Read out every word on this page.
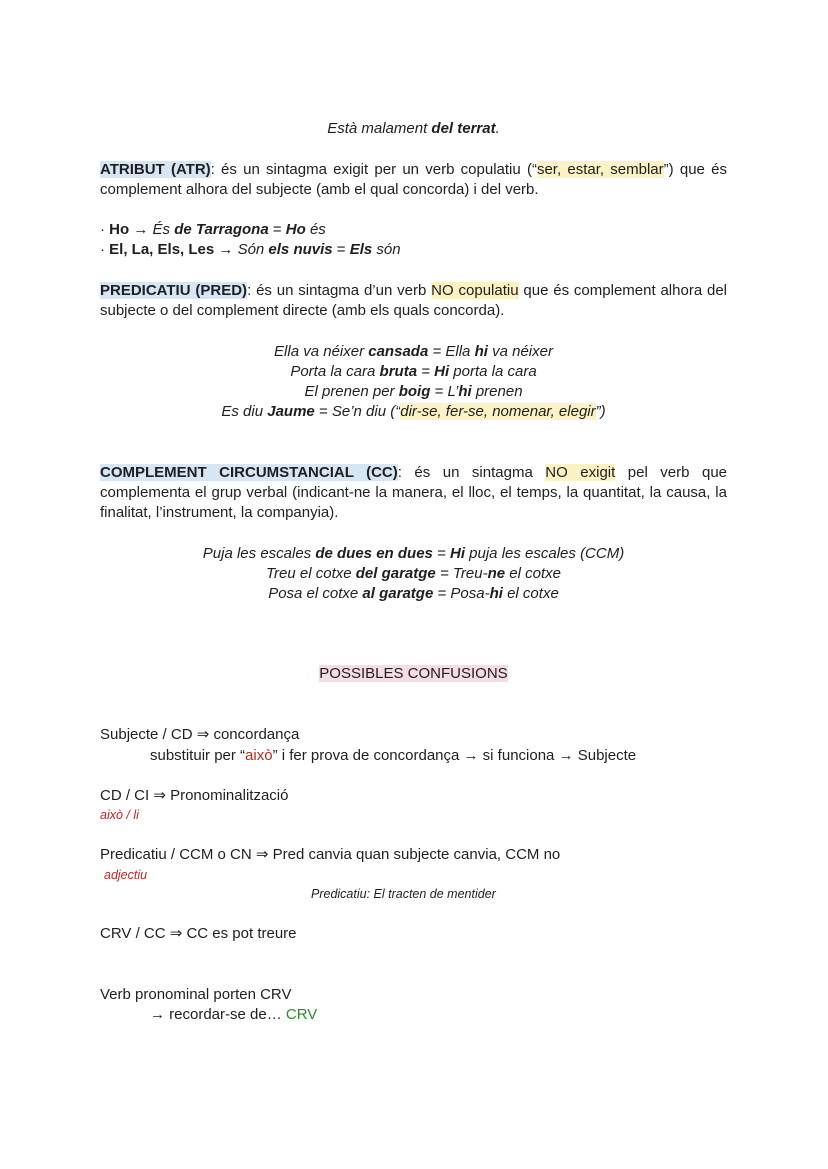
Està malament del terrat.
ATRIBUT (ATR): és un sintagma exigit per un verb copulatiu (“ser, estar, semblar”) que és complement alhora del subjecte (amb el qual concorda) i del verb.
· Ho → És de Tarragona = Ho és
· El, La, Els, Les → Són els nuvis = Els són
PREDICATIU (PRED): és un sintagma d’un verb NO copulatiu que és complement alhora del subjecte o del complement directe (amb els quals concorda).
Ella va néixer cansada = Ella hi va néixer
Porta la cara bruta = Hi porta la cara
El prenen per boig = L’hi prenen
Es diu Jaume = Se’n diu (“dir-se, fer-se, nomenar, elegir”)
COMPLEMENT CIRCUMSTANCIAL (CC): és un sintagma NO exigit pel verb que complementa el grup verbal (indicant-ne la manera, el lloc, el temps, la quantitat, la causa, la finalitat, l’instrument, la companyia).
Puja les escales de dues en dues = Hi puja les escales (CCM)
Treu el cotxe del garatge = Treu-ne el cotxe
Posa el cotxe al garatge = Posa-hi el cotxe
POSSIBLES CONFUSIONS
Subjecte / CD ⇒ concordança
substituir per “això” i fer prova de concordança → si funciona → Subjecte
CD / CI ⇒ Pronominalització
això / li
Predicatiu / CCM o CN ⇒ Pred canvia quan subjecte canvia, CCM no
adjectiu
Predicatiu: El tracten de mentider
CRV / CC ⇒ CC es pot treure
Verb pronominal porten CRV
→ recordar-se de… CRV
